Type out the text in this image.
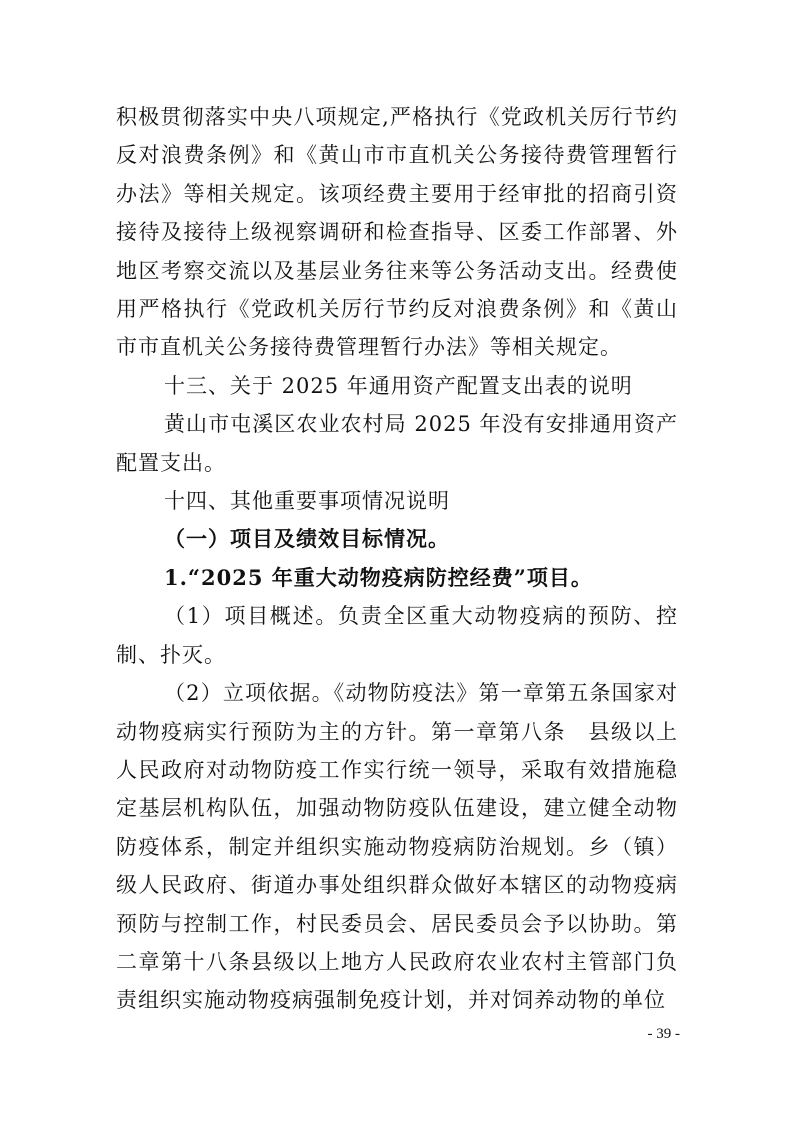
积极贯彻落实中央八项规定,严格执行《党政机关厉行节约反对浪费条例》和《黄山市市直机关公务接待费管理暂行办法》等相关规定。该项经费主要用于经审批的招商引资接待及接待上级视察调研和检查指导、区委工作部署、外地区考察交流以及基层业务往来等公务活动支出。经费使用严格执行《党政机关厉行节约反对浪费条例》和《黄山市市直机关公务接待费管理暂行办法》等相关规定。

十三、关于 2025 年通用资产配置支出表的说明

黄山市屯溪区农业农村局 2025 年没有安排通用资产配置支出。

十四、其他重要事项情况说明

（一）项目及绩效目标情况。

1.“2025 年重大动物疫病防控经费”项目。

（1）项目概述。负责全区重大动物疫病的预防、控制、扑灭。

（2）立项依据。《动物防疫法》第一章第五条国家对动物疫病实行预防为主的方针。第一章第八条　县级以上人民政府对动物防疫工作实行统一领导，采取有效措施稳定基层机构队伍，加强动物防疫队伍建设，建立健全动物防疫体系，制定并组织实施动物疫病防治规划。乡（镇）级人民政府、街道办事处组织群众做好本辖区的动物疫病预防与控制工作，村民委员会、居民委员会予以协助。第二章第十八条县级以上地方人民政府农业农村主管部门负责组织实施动物疫病强制免疫计划，并对饲养动物的单位

- 39 -
